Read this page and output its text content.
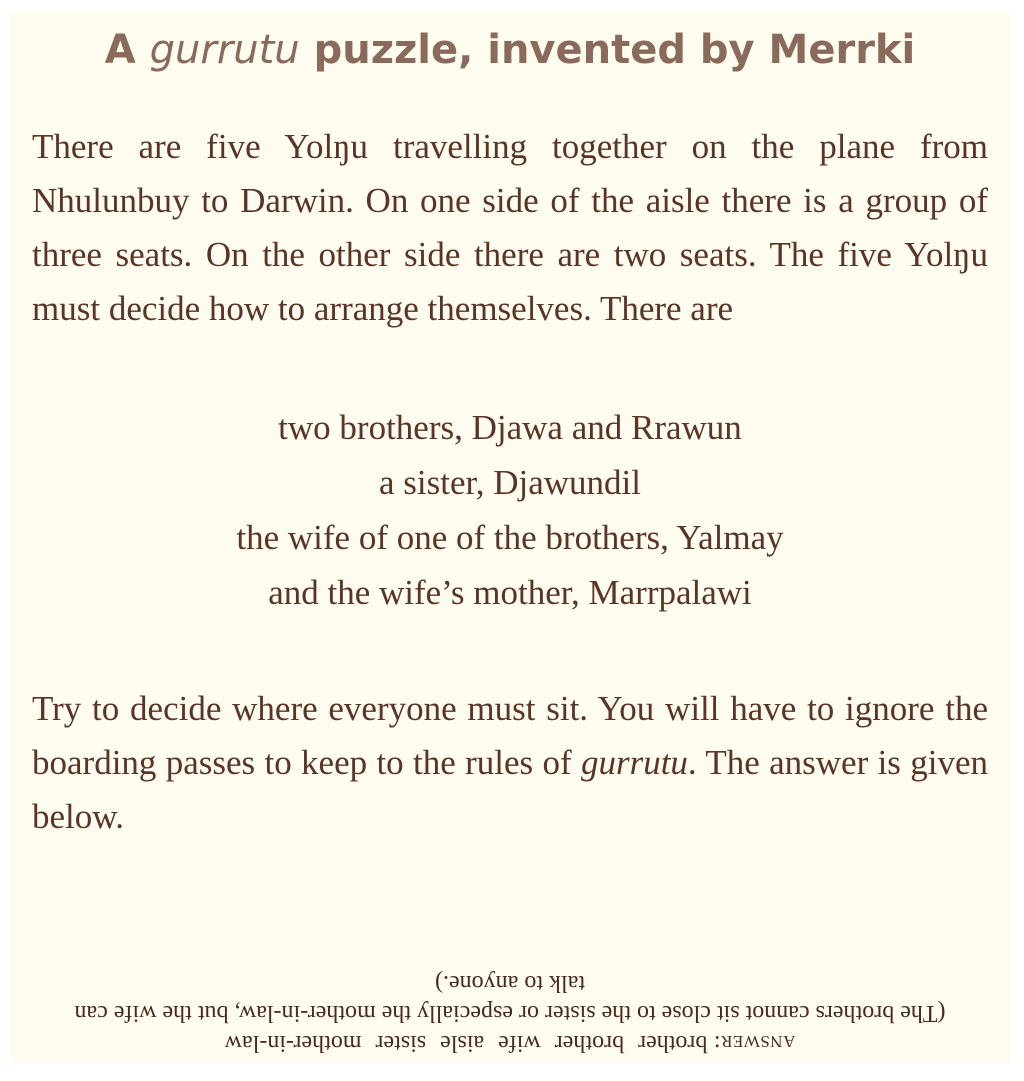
A gurrutu puzzle, invented by Merrki

There are five Yolŋu travelling together on the plane from Nhulunbuy to Darwin. On one side of the aisle there is a group of three seats. On the other side there are two seats. The five Yolŋu must decide how to arrange themselves. There are

two brothers, Djawa and Rrawun
a sister, Djawundil
the wife of one of the brothers, Yalmay
and the wife’s mother, Marrpalawi

Try to decide where everyone must sit. You will have to ignore the boarding passes to keep to the rules of gurrutu. The answer is given below.

answer: brother brother wife aisle sister mother-in-law
(The brothers cannot sit close to the sister or especially the mother-in-law, but the wife can talk to anyone.)
